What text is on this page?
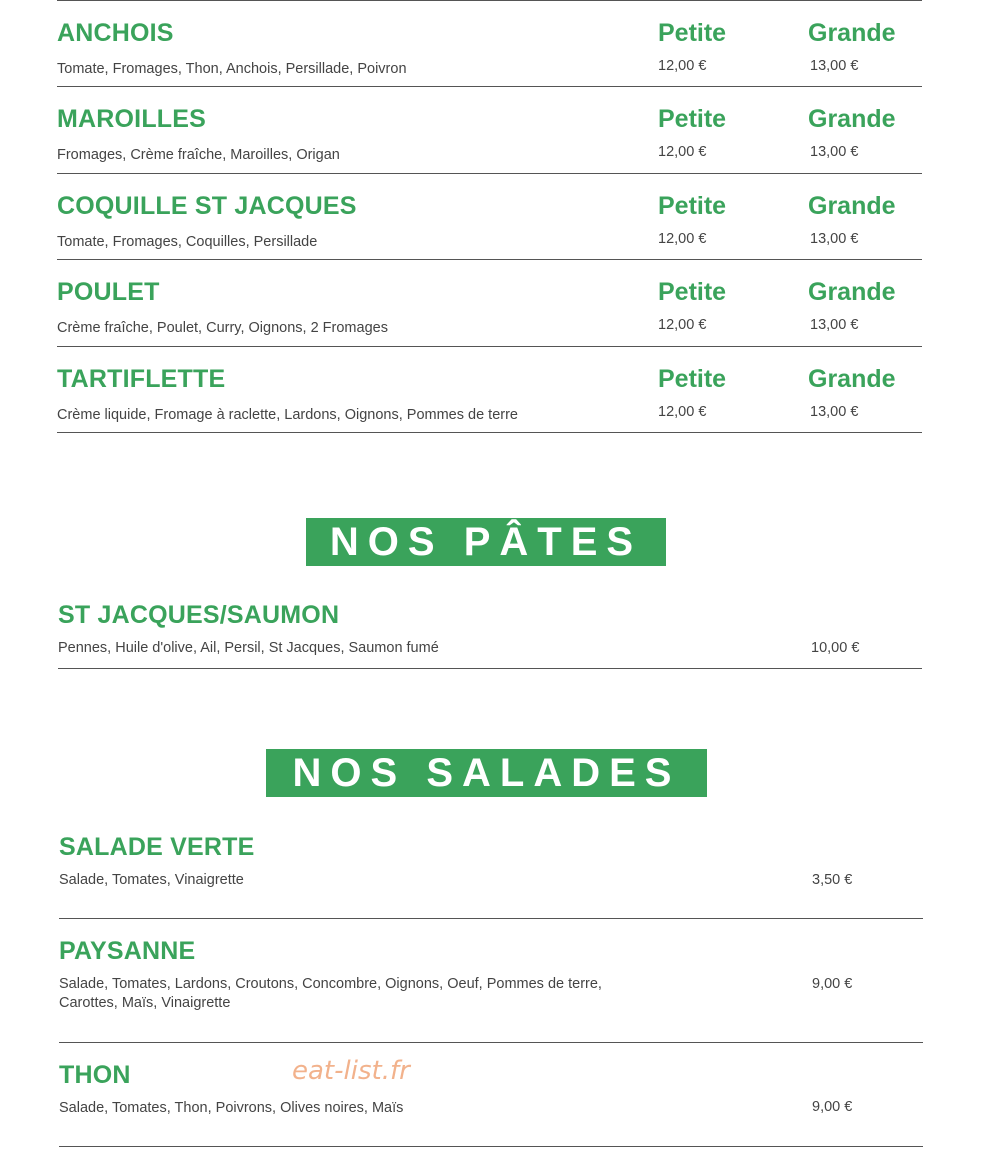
ANCHOIS	Petite	Grande
Tomate, Fromages, Thon, Anchois, Persillade, Poivron	12,00 €	13,00 €
MAROILLES	Petite	Grande
Fromages, Crème fraîche, Maroilles, Origan	12,00 €	13,00 €
COQUILLE ST JACQUES	Petite	Grande
Tomate, Fromages, Coquilles, Persillade	12,00 €	13,00 €
POULET	Petite	Grande
Crème fraîche, Poulet, Curry, Oignons, 2 Fromages	12,00 €	13,00 €
TARTIFLETTE	Petite	Grande
Crème liquide, Fromage à raclette, Lardons, Oignons, Pommes de terre	12,00 €	13,00 €
NOS PÂTES
ST JACQUES/SAUMON
Pennes, Huile d'olive, Ail, Persil, St Jacques, Saumon fumé	10,00 €
NOS SALADES
SALADE VERTE
Salade, Tomates, Vinaigrette	3,50 €
PAYSANNE
Salade, Tomates, Lardons, Croutons, Concombre, Oignons, Oeuf, Pommes de terre, Carottes, Maïs, Vinaigrette
9,00 €
THON	eat-list.fr
Salade, Tomates, Thon, Poivrons, Olives noires, Maïs	9,00 €
